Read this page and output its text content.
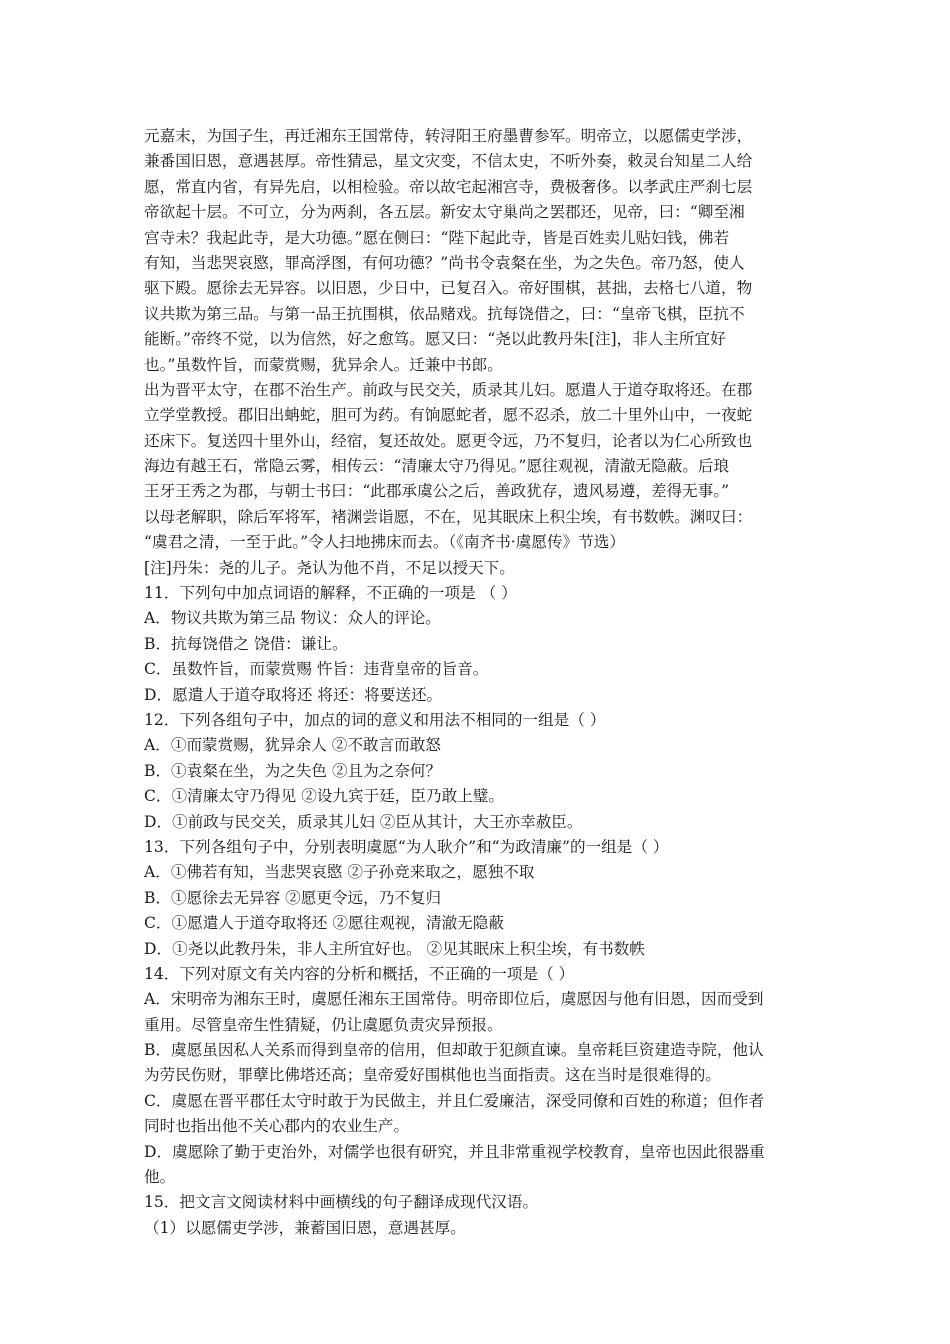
元嘉末，为国子生，再迁湘东王国常侍，转浔阳王府墨曹参军。明帝立，以愿儒吏学涉，
兼番国旧恩，意遇甚厚。帝性猜忌，星文灾变，不信太史，不听外奏，敕灵台知星二人给
愿，常直内省，有异先启，以相检验。帝以故宅起湘宫寺，费极奢侈。以孝武庄严刹七层
帝欲起十层。不可立，分为两刹，各五层。新安太守巢尚之罢郡还，见帝，曰：“卿至湘
宫寺未？我起此寺，是大功德。”愿在侧曰：“陛下起此寺，皆是百姓卖儿贴妇钱，佛若
有知，当悲哭哀愍，罪高浮图，有何功德？”尚书令袁粲在坐，为之失色。帝乃怒，使人
驱下殿。愿徐去无异容。以旧恩，少日中，已复召入。帝好围棋，甚拙，去格七八道，物
议共欺为第三品。与第一品王抗围棋，依品赌戏。抗每饶借之，曰：“皇帝飞棋，臣抗不
能断。”帝终不觉，以为信然，好之愈笃。愿又曰：“尧以此教丹朱[注]，非人主所宜好
也。”虽数忤旨，而蒙赏赐，犹异余人。迁兼中书郎。
出为晋平太守，在郡不治生产。前政与民交关，质录其儿妇。愿遣人于道夺取将还。在郡
立学堂教授。郡旧出蚺蛇，胆可为药。有饷愿蛇者，愿不忍杀，放二十里外山中，一夜蛇
还床下。复送四十里外山，经宿，复还故处。愿更令远，乃不复归，论者以为仁心所致也
海边有越王石，常隐云雾，相传云：“清廉太守乃得见。”愿往观视，清澈无隐蔽。后琅
王牙王秀之为郡，与朝士书曰：“此郡承虞公之后，善政犹存，遗风易遵，差得无事。”
以母老解职，除后军将军，褚渊尝诣愿，不在，见其眠床上积尘埃，有书数帙。渊叹曰：
“虞君之清，一至于此。”令人扫地拂床而去。（《南齐书·虞愿传》节选）
[注]丹朱：尧的儿子。尧认为他不肖，不足以授天下。
11．下列句中加点词语的解释，不正确的一项是 （ ）
A．物议共欺为第三品 物议：众人的评论。
B．抗每饶借之 饶借：谦让。
C．虽数忤旨，而蒙赏赐 忤旨：违背皇帝的旨音。
D．愿遣人于道夺取将还 将还：将要送还。
12．下列各组句子中，加点的词的意义和用法不相同的一组是（ ）
A．①而蒙赏赐，犹异余人 ②不敢言而敢怒
B．①袁粲在坐，为之失色 ②且为之奈何？
C．①清廉太守乃得见 ②设九宾于廷，臣乃敢上璧。
D．①前政与民交关，质录其儿妇 ②臣从其计，大王亦幸赦臣。
13．下列各组句子中，分别表明虞愿“为人耿介”和“为政清廉”的一组是（ ）
A．①佛若有知，当悲哭哀愍 ②子孙竞来取之，愿独不取
B．①愿徐去无异容 ②愿更令远，乃不复归
C．①愿遣人于道夺取将还 ②愿往观视，清澈无隐蔽
D．①尧以此教丹朱，非人主所宜好也。 ②见其眠床上积尘埃，有书数帙
14．下列对原文有关内容的分析和概括，不正确的一项是（ ）
A．宋明帝为湘东王时，虞愿任湘东王国常侍。明帝即位后，虞愿因与他有旧恩，因而受到
重用。尽管皇帝生性猜疑，仍让虞愿负责灾异预报。
B．虞愿虽因私人关系而得到皇帝的信用，但却敢于犯颜直谏。皇帝耗巨资建造寺院，他认
为劳民伤财，罪孽比佛塔还高；皇帝爱好围棋他也当面指责。这在当时是很难得的。
C．虞愿在晋平郡任太守时敢于为民做主，并且仁爱廉洁，深受同僚和百姓的称道；但作者
同时也指出他不关心郡内的农业生产。
D．虞愿除了勤于吏治外，对儒学也很有研究，并且非常重视学校教育，皇帝也因此很器重
他。
15．把文言文阅读材料中画横线的句子翻译成现代汉语。
（1）以愿儒吏学涉，兼蓄国旧恩，意遇甚厚。
